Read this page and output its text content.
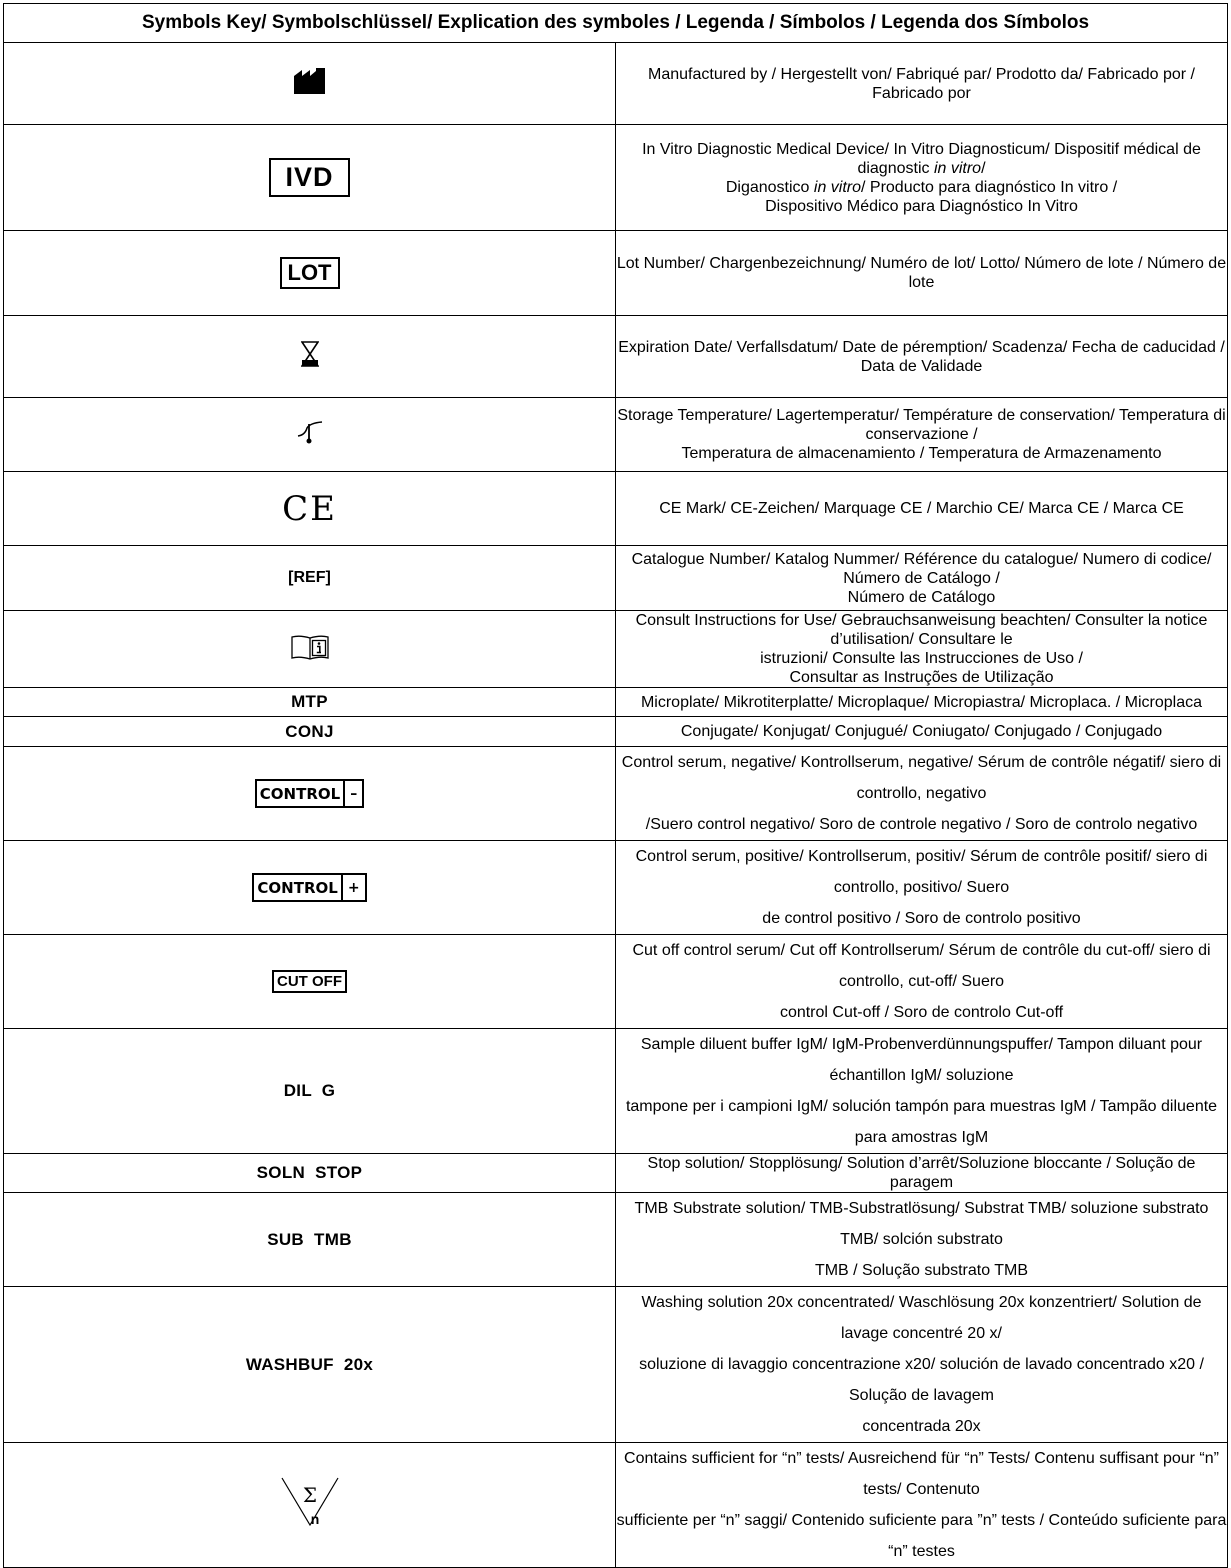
Symbols Key/ Symbolschlüssel/ Explication des symboles / Legenda / Símbolos / Legenda dos Símbolos	
	Manufactured by / Hergestellt von/ Fabriqué par/ Prodotto da/ Fabricado por / Fabricado por
IVD	In Vitro Diagnostic Medical Device/ In Vitro Diagnosticum/ Dispositif médical de diagnostic in vitro/
Diganostico in vitro/ Producto para diagnóstico In vitro /
Dispositivo Médico para Diagnóstico In Vitro
LOT	Lot Number/ Chargenbezeichnung/ Numéro de lot/ Lotto/ Número de lote / Número de lote
	Expiration Date/ Verfallsdatum/ Date de péremption/ Scadenza/ Fecha de caducidad /
Data de Validade
	Storage Temperature/ Lagertemperatur/ Température de conservation/ Temperatura di conservazione /
Temperatura de almacenamiento / Temperatura de Armazenamento
CE	CE Mark/ CE-Zeichen/ Marquage CE / Marchio CE/ Marca CE / Marca CE
[REF]	Catalogue Number/ Katalog Nummer/ Référence du catalogue/ Numero di codice/ Número de Catálogo /
Número de Catálogo
	Consult Instructions for Use/ Gebrauchsanweisung beachten/ Consulter la notice d’utilisation/ Consultare le
istruzioni/ Consulte las Instrucciones de Uso /
Consultar as Instruções de Utilização
MTP	Microplate/ Mikrotiterplatte/ Microplaque/ Micropiastra/ Microplaca. / Microplaca
CONJ	Conjugate/ Konjugat/ Conjugué/ Coniugato/ Conjugado / Conjugado

CONTROL –	Control serum, negative/ Kontrollserum, negative/ Sérum de contrôle négatif/ siero di controllo, negativo
/Suero control negativo/ Soro de controle negativo / Soro de controlo negativo

CONTROL +	Control serum, positive/ Kontrollserum, positiv/ Sérum de contrôle positif/ siero di controllo, positivo/ Suero
de control positivo / Soro de controlo positivo
CUT OFF	Cut off control serum/ Cut off Kontrollserum/ Sérum de contrôle du cut-off/ siero di controllo, cut-off/ Suero
control Cut-off / Soro de controlo Cut-off
DIL  G	Sample diluent buffer IgM/ IgM-Probenverdünnungspuffer/ Tampon diluant pour échantillon IgM/ soluzione
tampone per i campioni IgM/ solución tampón para muestras IgM / Tampão diluente para amostras IgM
SOLN  STOP	Stop solution/ Stopplösung/ Solution d’arrêt/Soluzione bloccante / Solução de paragem
SUB  TMB	TMB Substrate solution/ TMB-Substratlösung/ Substrat TMB/ soluzione substrato TMB/ solción substrato
TMB / Solução substrato TMB
WASHBUF  20x	Washing solution 20x concentrated/ Waschlösung 20x konzentriert/ Solution de lavage concentré 20 x/
soluzione di lavaggio concentrazione x20/ solución de lavado concentrado x20 / Solução de lavagem
concentrada 20x

Σ
n	Contains sufficient for “n” tests/ Ausreichend für “n” Tests/ Contenu suffisant pour “n” tests/ Contenuto
sufficiente per “n” saggi/ Contenido suficiente para ”n” tests / Conteúdo suficiente para “n” testes
